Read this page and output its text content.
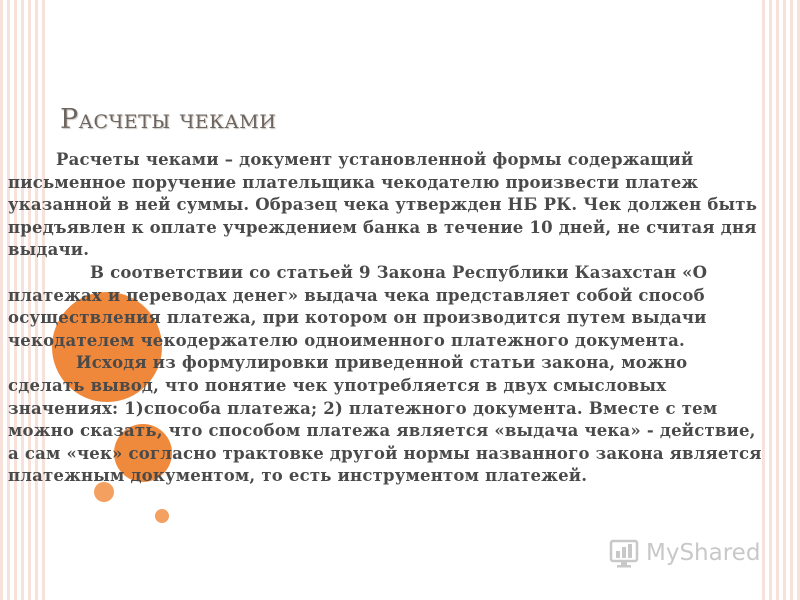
Расчеты чеками

Расчеты чеками – документ установленной формы содержащий письменное поручение плательщика чекодателю произвести платеж указанной в ней суммы. Образец чека утвержден НБ РК. Чек должен быть предъявлен к оплате учреждением банка в течение 10 дней, не считая дня выдачи.

В соответствии со статьей 9 Закона Республики Казахстан «О платежах и переводах денег» выдача чека представляет собой способ осуществления платежа, при котором он производится путем выдачи чекодателем чекодержателю одноименного платежного документа.

Исходя из формулировки приведенной статьи закона, можно сделать вывод, что понятие чек употребляется в двух смысловых значениях: 1)способа платежа; 2) платежного документа. Вместе с тем можно сказать, что способом платежа является «выдача чека» - действие, а сам «чек» согласно трактовке другой нормы названного закона является платежным документом, то есть инструментом платежей.

MyShared
